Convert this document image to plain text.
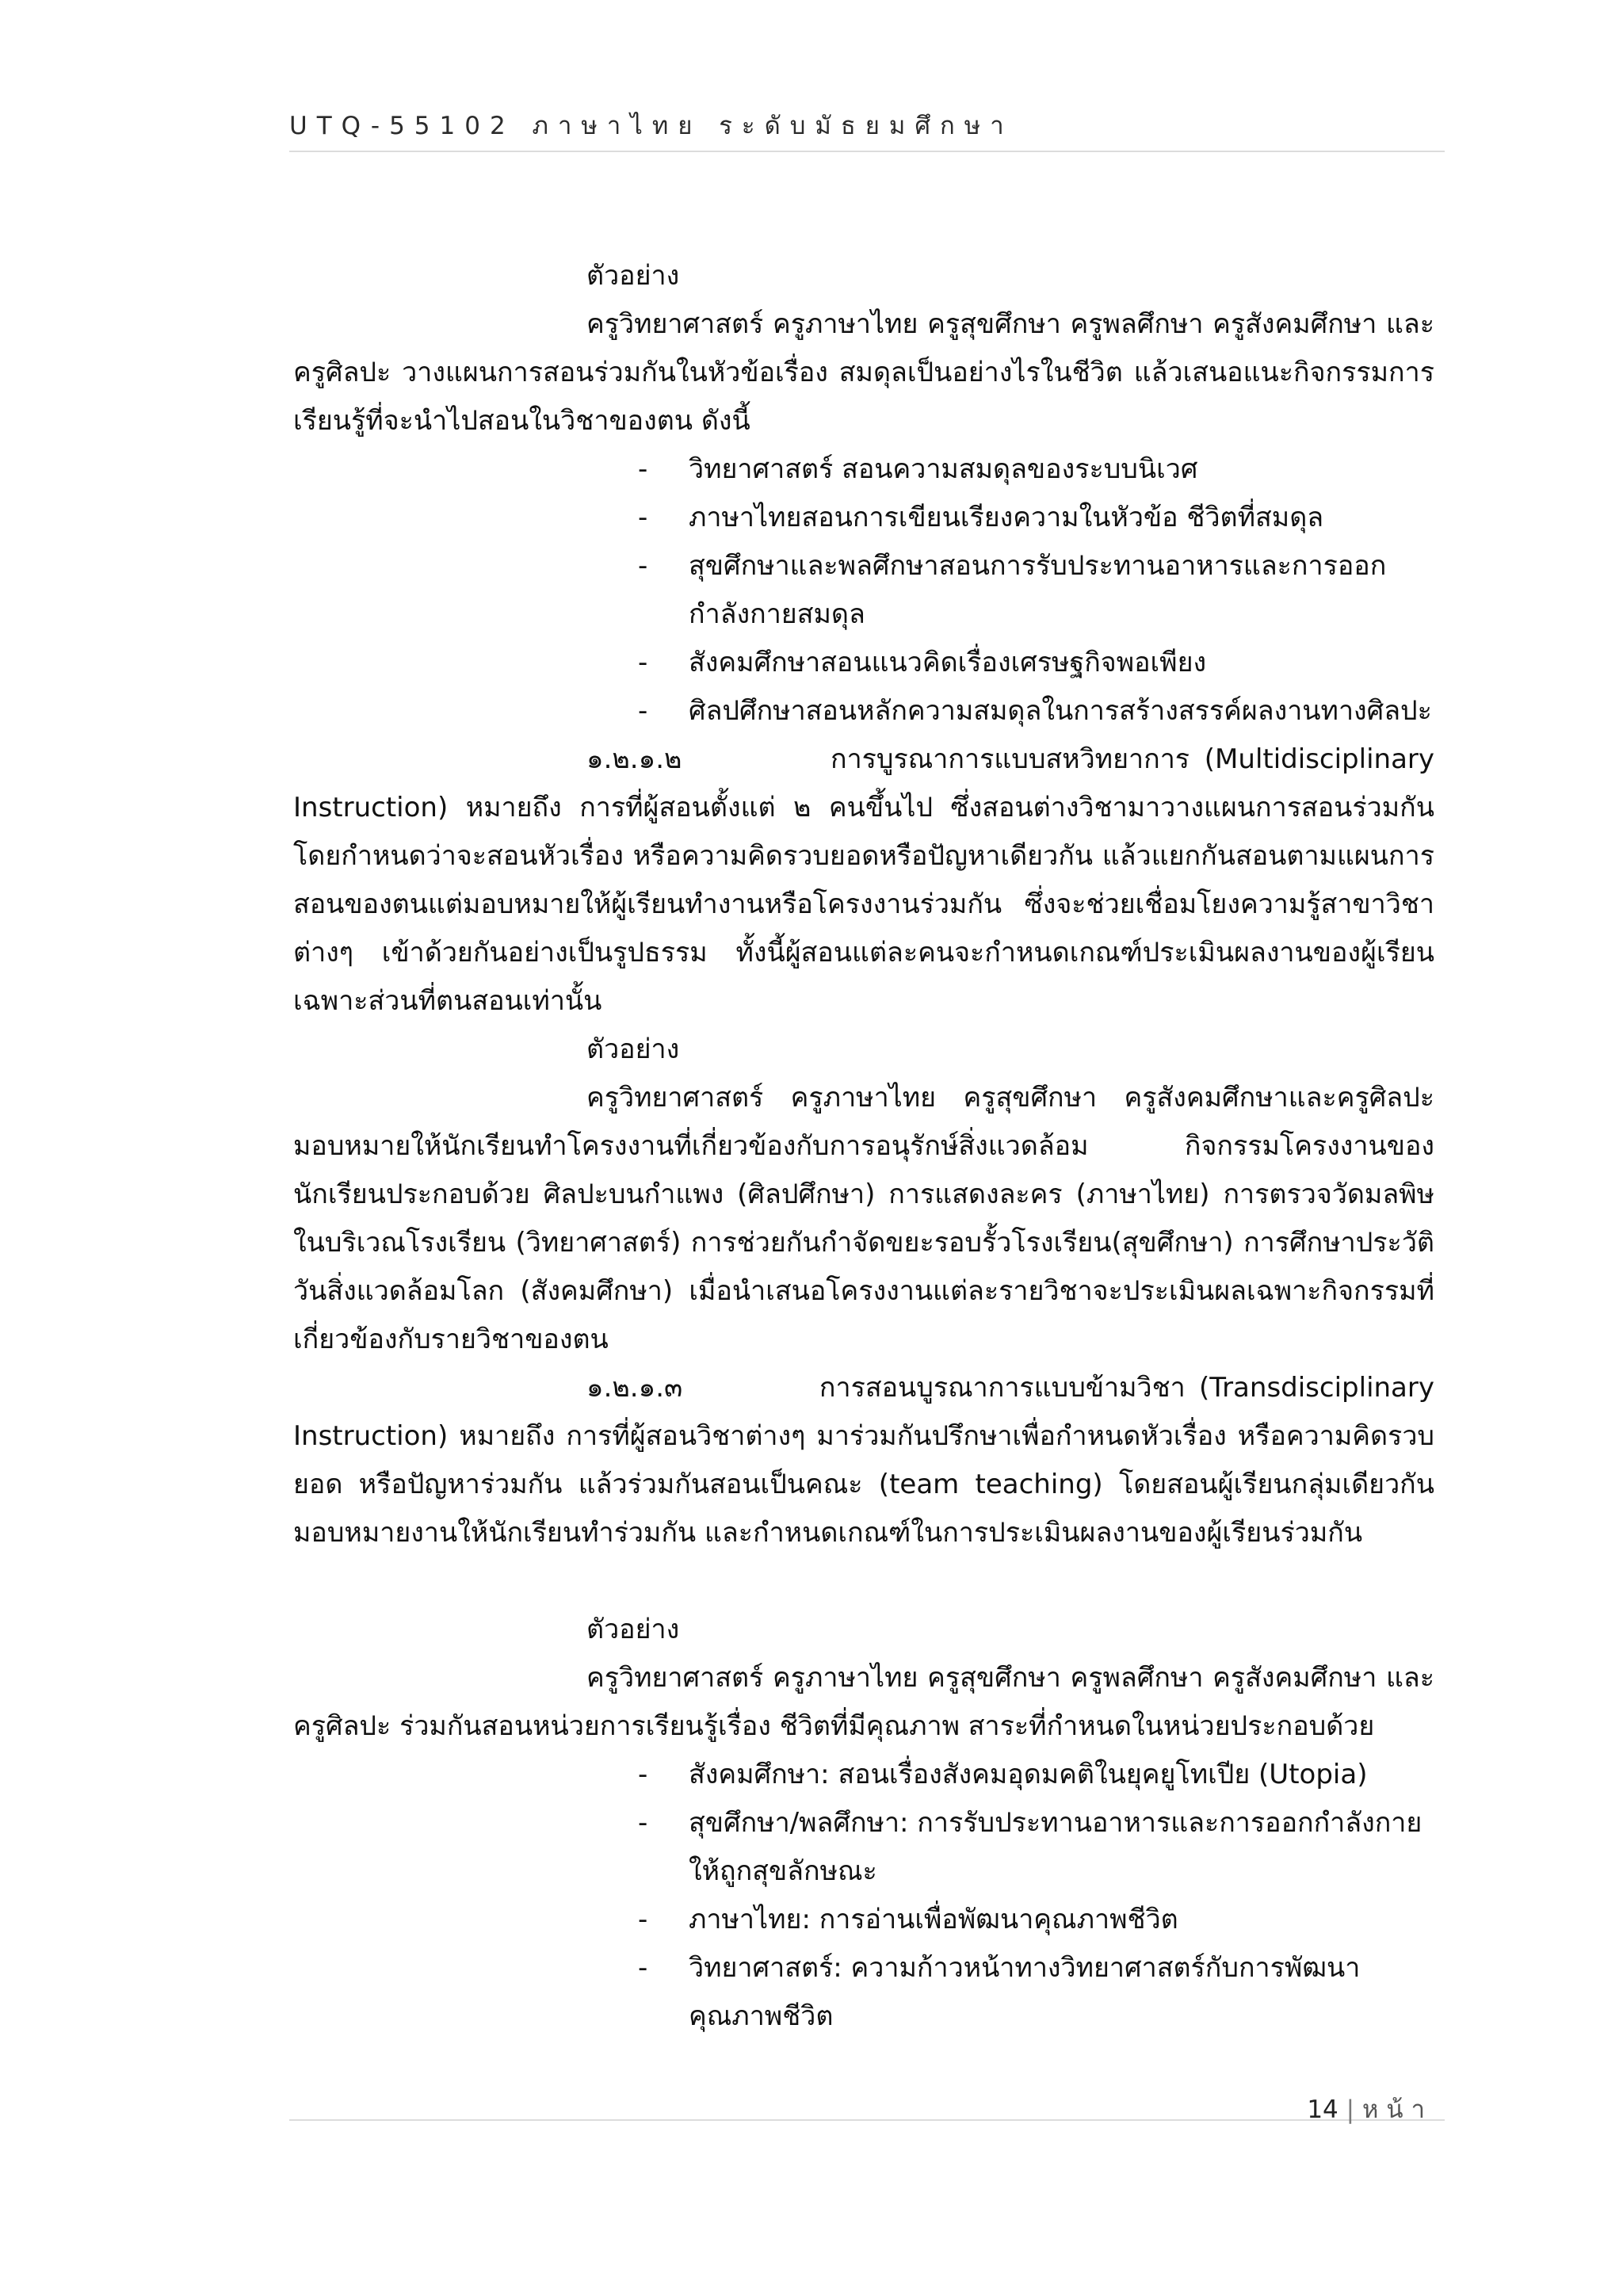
UTQ-55102 ภาษาไทย ระดับมัธยมศึกษา

ตัวอย่าง

ครูวิทยาศาสตร์ ครูภาษาไทย ครูสุขศึกษา ครูพลศึกษา ครูสังคมศึกษา และครูศิลปะ วางแผนการสอนร่วมกันในหัวข้อเรื่อง สมดุลเป็นอย่างไรในชีวิต แล้วเสนอแนะกิจกรรมการเรียนรู้ที่จะนำไปสอนในวิชาของตน ดังนี้

- วิทยาศาสตร์ สอนความสมดุลของระบบนิเวศ
- ภาษาไทยสอนการเขียนเรียงความในหัวข้อ ชีวิตที่สมดุล
- สุขศึกษาและพลศึกษาสอนการรับประทานอาหารและการออกกำลังกายสมดุล
- สังคมศึกษาสอนแนวคิดเรื่องเศรษฐกิจพอเพียง
- ศิลปศึกษาสอนหลักความสมดุลในการสร้างสรรค์ผลงานทางศิลปะ

๑.๒.๑.๒	การบูรณาการแบบสหวิทยาการ (Multidisciplinary Instruction) หมายถึง การที่ผู้สอนตั้งแต่ ๒ คนขึ้นไป ซึ่งสอนต่างวิชามาวางแผนการสอนร่วมกัน โดยกำหนดว่าจะสอนหัวเรื่อง หรือความคิดรวบยอดหรือปัญหาเดียวกัน แล้วแยกกันสอนตามแผนการสอนของตนแต่มอบหมายให้ผู้เรียนทำงานหรือโครงงานร่วมกัน ซึ่งจะช่วยเชื่อมโยงความรู้สาขาวิชาต่างๆ เข้าด้วยกันอย่างเป็นรูปธรรม ทั้งนี้ผู้สอนแต่ละคนจะกำหนดเกณฑ์ประเมินผลงานของผู้เรียนเฉพาะส่วนที่ตนสอนเท่านั้น

ตัวอย่าง

ครูวิทยาศาสตร์ ครูภาษาไทย ครูสุขศึกษา ครูสังคมศึกษาและครูศิลปะ มอบหมายให้นักเรียนทำโครงงานที่เกี่ยวข้องกับการอนุรักษ์สิ่งแวดล้อม กิจกรรมโครงงานของนักเรียนประกอบด้วย ศิลปะบนกำแพง (ศิลปศึกษา) การแสดงละคร (ภาษาไทย) การตรวจวัดมลพิษในบริเวณโรงเรียน (วิทยาศาสตร์) การช่วยกันกำจัดขยะรอบรั้วโรงเรียน(สุขศึกษา) การศึกษาประวัติวันสิ่งแวดล้อมโลก (สังคมศึกษา) เมื่อนำเสนอโครงงานแต่ละรายวิชาจะประเมินผลเฉพาะกิจกรรมที่เกี่ยวข้องกับรายวิชาของตน

๑.๒.๑.๓	การสอนบูรณาการแบบข้ามวิชา (Transdisciplinary Instruction) หมายถึง การที่ผู้สอนวิชาต่างๆ มาร่วมกันปรึกษาเพื่อกำหนดหัวเรื่อง หรือความคิดรวบยอด หรือปัญหาร่วมกัน แล้วร่วมกันสอนเป็นคณะ (team teaching) โดยสอนผู้เรียนกลุ่มเดียวกัน มอบหมายงานให้นักเรียนทำร่วมกัน และกำหนดเกณฑ์ในการประเมินผลงานของผู้เรียนร่วมกัน

ตัวอย่าง

ครูวิทยาศาสตร์ ครูภาษาไทย ครูสุขศึกษา ครูพลศึกษา ครูสังคมศึกษา และครูศิลปะ ร่วมกันสอนหน่วยการเรียนรู้เรื่อง ชีวิตที่มีคุณภาพ สาระที่กำหนดในหน่วยประกอบด้วย

- สังคมศึกษา: สอนเรื่องสังคมอุดมคติในยุคยูโทเปีย (Utopia)
- สุขศึกษา/พลศึกษา: การรับประทานอาหารและการออกกำลังกายให้ถูกสุขลักษณะ
- ภาษาไทย: การอ่านเพื่อพัฒนาคุณภาพชีวิต
- วิทยาศาสตร์: ความก้าวหน้าทางวิทยาศาสตร์กับการพัฒนาคุณภาพชีวิต
14 | หน้า
